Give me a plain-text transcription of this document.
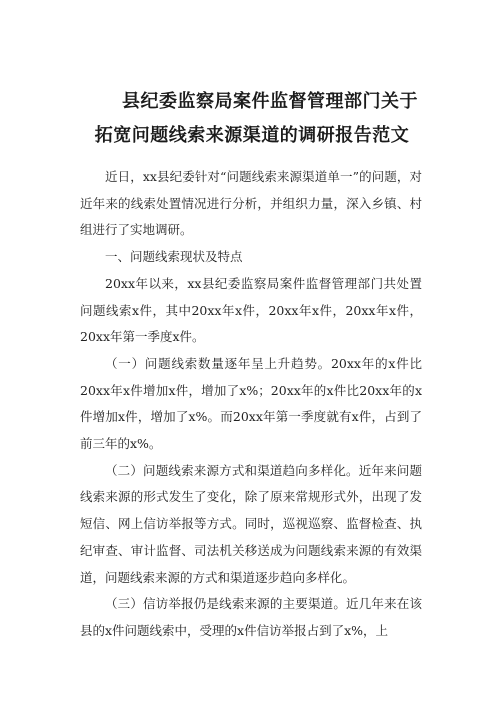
县纪委监察局案件监督管理部门关于
拓宽问题线索来源渠道的调研报告范文

近日，xx县纪委针对“问题线索来源渠道单一”的问题，对近年来的线索处置情况进行分析，并组织力量，深入乡镇、村组进行了实地调研。

一、问题线索现状及特点

20xx年以来，xx县纪委监察局案件监督管理部门共处置问题线索x件，其中20xx年x件，20xx年x件，20xx年x件，20xx年第一季度x件。

（一）问题线索数量逐年呈上升趋势。20xx年的x件比20xx年x件增加x件，增加了x%；20xx年的x件比20xx年的x件增加x件，增加了x%。而20xx年第一季度就有x件，占到了前三年的x%。

（二）问题线索来源方式和渠道趋向多样化。近年来问题线索来源的形式发生了变化，除了原来常规形式外，出现了发短信、网上信访举报等方式。同时，巡视巡察、监督检查、执纪审查、审计监督、司法机关移送成为问题线索来源的有效渠道，问题线索来源的方式和渠道逐步趋向多样化。

（三）信访举报仍是线索来源的主要渠道。近几年来在该县的x件问题线索中，受理的x件信访举报占到了x%，上
